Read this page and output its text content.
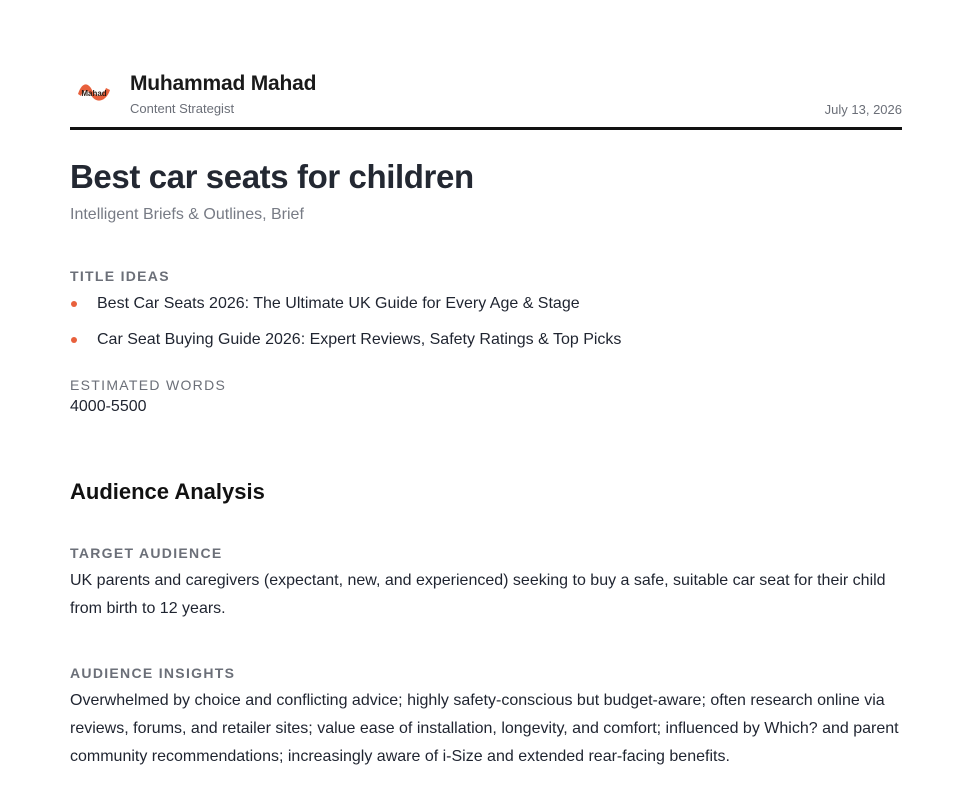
Mahad Muhammad Mahad
Content Strategist	July 13, 2026
Best car seats for children
Intelligent Briefs & Outlines, Brief
TITLE IDEAS
Best Car Seats 2026: The Ultimate UK Guide for Every Age & Stage
Car Seat Buying Guide 2026: Expert Reviews, Safety Ratings & Top Picks
ESTIMATED WORDS
4000-5500
Audience Analysis
TARGET AUDIENCE

UK parents and caregivers (expectant, new, and experienced) seeking to buy a safe, suitable car seat for their child from birth to 12 years.

AUDIENCE INSIGHTS

Overwhelmed by choice and conflicting advice; highly safety-conscious but budget-aware; often research online via reviews, forums, and retailer sites; value ease of installation, longevity, and comfort; influenced by Which? and parent community recommendations; increasingly aware of i-Size and extended rear-facing benefits.
